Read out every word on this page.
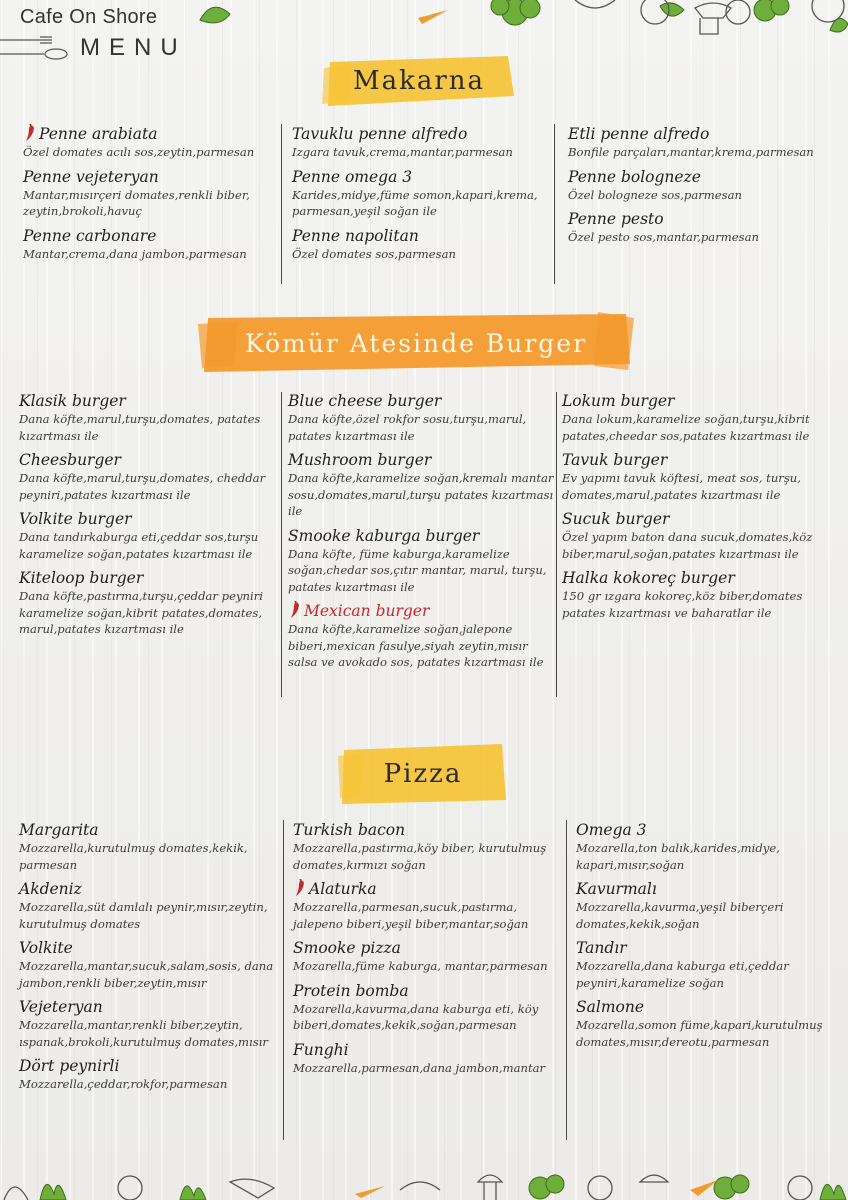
Cafe On Shore
MENU
Makarna
Penne arabiata
Özel domates acılı sos,zeytin,parmesan
Penne vejeteryan
Mantar,mısırçeri domates,renkli biber, zeytin,brokoli,havuç
Penne carbonare
Mantar,crema,dana jambon,parmesan
Tavuklu penne alfredo
Izgara tavuk,crema,mantar,parmesan
Penne omega 3
Karides,midye,füme somon,kapari,krema, parmesan,yeşil soğan ile
Penne napolitan
Özel domates sos,parmesan
Etli penne alfredo
Bonfile parçaları,mantar,krema,parmesan
Penne bologneze
Özel bologneze sos,parmesan
Penne pesto
Özel pesto sos,mantar,parmesan
Kömür Atesinde Burger
Klasik burger
Dana köfte,marul,turşu,domates, patates kızartması ile
Cheesburger
Dana köfte,marul,turşu,domates, cheddar peyniri,patates kızartması ile
Volkite burger
Dana tandırkaburga eti,çeddar sos,turşu karamelize soğan,patates kızartması ile
Kiteloop burger
Dana köfte,pastırma,turşu,çeddar peyniri karamelize soğan,kibrit patates,domates, marul,patates kızartması ile
Blue cheese burger
Dana köfte,özel rokfor sosu,turşu,marul, patates kızartması ile
Mushroom burger
Dana köfte,karamelize soğan,kremalı mantar sosu,domates,marul,turşu patates kızartması ile
Smooke kaburga burger
Dana köfte, füme kaburga,karamelize soğan,chedar sos,çıtır mantar, marul, turşu, patates kızartması ile
Mexican burger
Dana köfte,karamelize soğan,jalepone biberi,mexican fasulye,siyah zeytin,mısır salsa ve avokado sos, patates kızartması ile
Lokum burger
Dana lokum,karamelize soğan,turşu,kibrit patates,cheedar sos,patates kızartması ile
Tavuk burger
Ev yapımı tavuk köftesi, meat sos, turşu, domates,marul,patates kızartması ile
Sucuk burger
Özel yapım baton dana sucuk,domates,köz biber,marul,soğan,patates kızartması ile
Halka kokoreç burger
150 gr ızgara kokoreç,köz biber,domates patates kızartması ve baharatlar ile
Pizza
Margarita
Mozzarella,kurutulmuş domates,kekik, parmesan
Akdeniz
Mozzarella,süt damlalı peynir,mısır,zeytin, kurutulmuş domates
Volkite
Mozzarella,mantar,sucuk,salam,sosis, dana jambon,renkli biber,zeytin,mısır
Vejeteryan
Mozzarella,mantar,renkli biber,zeytin, ıspanak,brokoli,kurutulmuş domates,mısır
Dört peynirli
Mozzarella,çeddar,rokfor,parmesan
Turkish bacon
Mozzarella,pastırma,köy biber, kurutulmuş domates,kırmızı soğan
Alaturka
Mozzarella,parmesan,sucuk,pastırma, jalepeno biberi,yeşil biber,mantar,soğan
Smooke pizza
Mozarella,füme kaburga, mantar,parmesan
Protein bomba
Mozarella,kavurma,dana kaburga eti, köy biberi,domates,kekik,soğan,parmesan
Funghi
Mozzarella,parmesan,dana jambon,mantar
Omega 3
Mozarella,ton balık,karides,midye, kapari,mısır,soğan
Kavurmalı
Mozzarella,kavurma,yeşil biberçeri domates,kekik,soğan
Tandır
Mozzarella,dana kaburga eti,çeddar peyniri,karamelize soğan
Salmone
Mozarella,somon füme,kapari,kurutulmuş domates,mısır,dereotu,parmesan
